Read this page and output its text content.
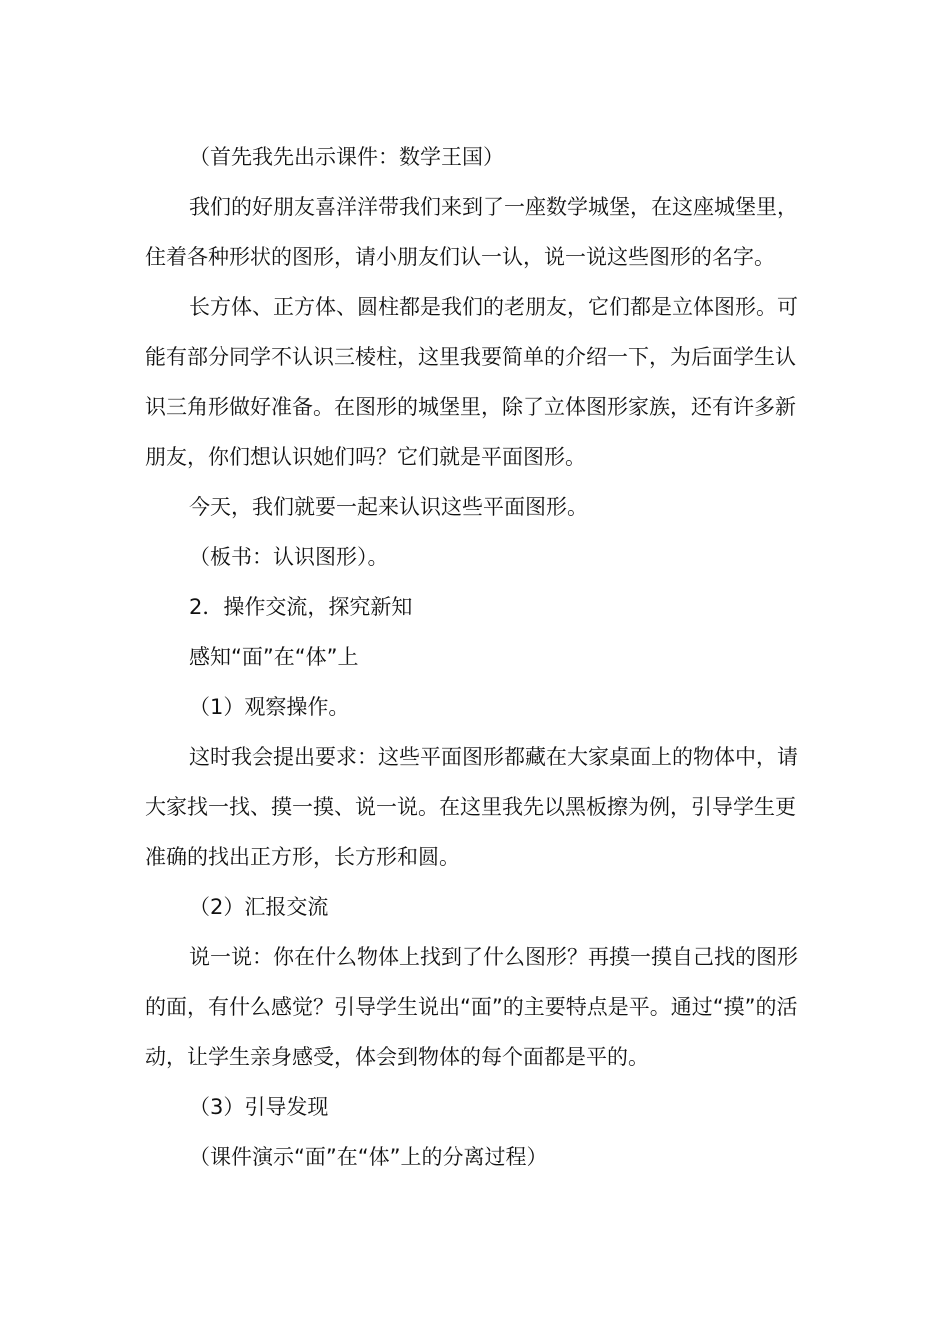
（首先我先出示课件：数学王国）

我们的好朋友喜洋洋带我们来到了一座数学城堡，在这座城堡里，住着各种形状的图形，请小朋友们认一认，说一说这些图形的名字。

长方体、正方体、圆柱都是我们的老朋友，它们都是立体图形。可能有部分同学不认识三棱柱，这里我要简单的介绍一下，为后面学生认识三角形做好准备。在图形的城堡里，除了立体图形家族，还有许多新朋友，你们想认识她们吗？它们就是平面图形。

今天，我们就要一起来认识这些平面图形。

（板书：认识图形）。

2．操作交流，探究新知

感知“面”在“体”上

（1）观察操作。

这时我会提出要求：这些平面图形都藏在大家桌面上的物体中，请大家找一找、摸一摸、说一说。在这里我先以黑板擦为例，引导学生更准确的找出正方形，长方形和圆。

（2）汇报交流

说一说：你在什么物体上找到了什么图形？再摸一摸自己找的图形的面，有什么感觉？引导学生说出“面”的主要特点是平。通过“摸”的活动，让学生亲身感受，体会到物体的每个面都是平的。

（3）引导发现

（课件演示“面”在“体”上的分离过程）
